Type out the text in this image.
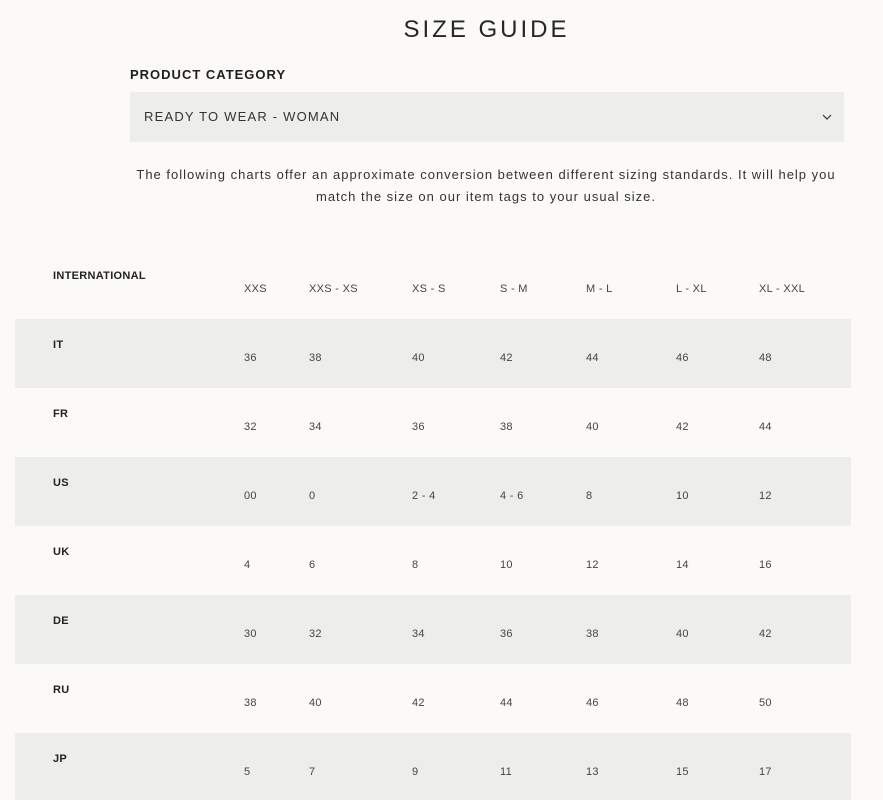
SIZE GUIDE
PRODUCT CATEGORY
READY TO WEAR - WOMAN
The following charts offer an approximate conversion between different sizing standards. It will help you
match the size on our item tags to your usual size.
INTERNATIONAL
XXS	XXS - XS	XS - S	S - M	M - L	L - XL	XL - XXL
IT
36	38	40	42	44	46	48
FR
32	34	36	38	40	42	44
US
00	0	2 - 4	4 - 6	8	10	12
UK
4	6	8	10	12	14	16
DE
30	32	34	36	38	40	42
RU
38	40	42	44	46	48	50
JP
5	7	9	11	13	15	17
